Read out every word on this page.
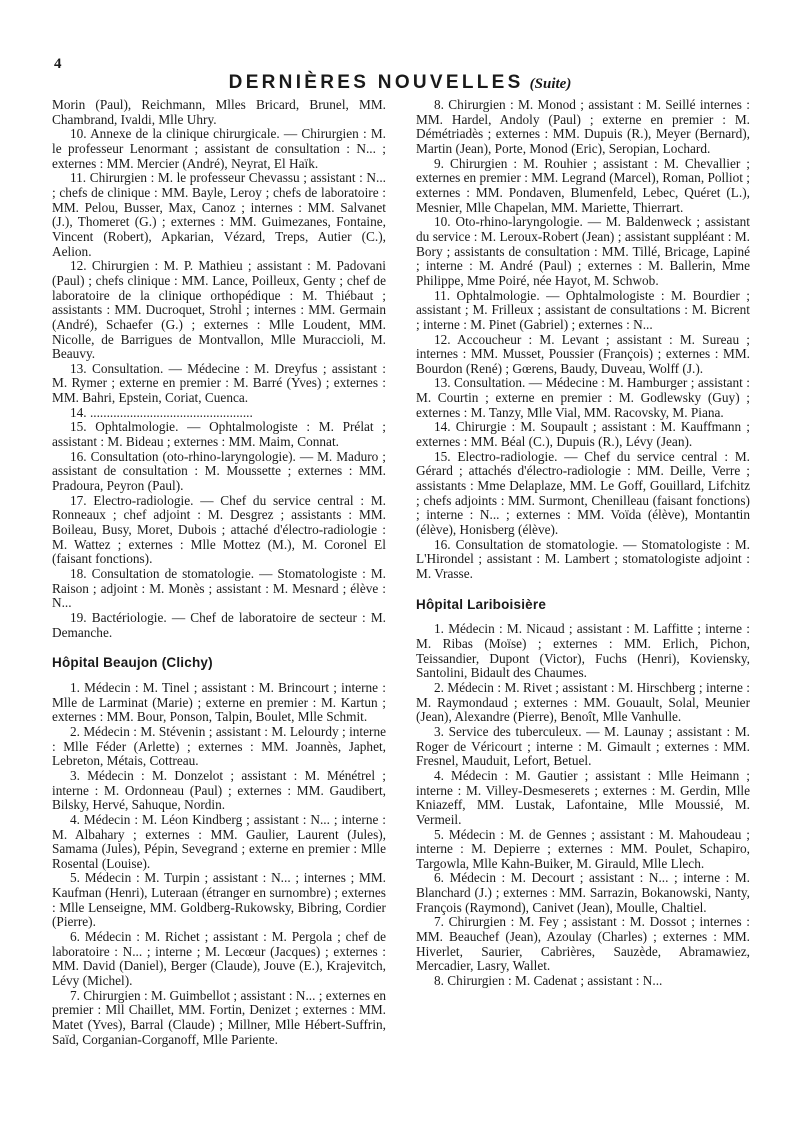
4
DERNIÈRES NOUVELLES (Suite)

Morin (Paul), Reichmann, Mlles Bricard, Brunel, MM. Chambrand, Ivaldi, Mlle Uhry.

10. Annexe de la clinique chirurgicale. — Chirurgien : M. le professeur Lenormant ; assistant de consultation : N... ; externes : MM. Mercier (André), Neyrat, El Haïk.

11. Chirurgien : M. le professeur Chevassu ; assistant : N... ; chefs de clinique : MM. Bayle, Leroy ; chefs de laboratoire : MM. Pelou, Busser, Max, Canoz ; internes : MM. Salvanet (J.), Thomeret (G.) ; externes : MM. Guimezanes, Fontaine, Vincent (Robert), Apkarian, Vézard, Treps, Autier (C.), Aelion.

12. Chirurgien : M. P. Mathieu ; assistant : M. Padovani (Paul) ; chefs clinique : MM. Lance, Poilleux, Genty ; chef de laboratoire de la clinique orthopédique : M. Thiébaut ; assistants : MM. Ducroquet, Strohl ; internes : MM. Germain (André), Schaefer (G.) ; externes : Mlle Loudent, MM. Nicolle, de Barrigues de Montvallon, Mlle Muraccioli, M. Beauvy.

13. Consultation. — Médecine : M. Dreyfus ; assistant : M. Rymer ; externe en premier : M. Barré (Yves) ; externes : MM. Bahri, Epstein, Coriat, Cuenca.

14. .................................................

15. Ophtalmologie. — Ophtalmologiste : M. Prélat ; assistant : M. Bideau ; externes : MM. Maim, Connat.

16. Consultation (oto-rhino-laryngologie). — M. Maduro ; assistant de consultation : M. Moussette ; externes : MM. Pradoura, Peyron (Paul).

17. Electro-radiologie. — Chef du service central : M. Ronneaux ; chef adjoint : M. Desgrez ; assistants : MM. Boileau, Busy, Moret, Dubois ; attaché d'électro-radiologie : M. Wattez ; externes : Mlle Mottez (M.), M. Coronel El (faisant fonctions).

18. Consultation de stomatologie. — Stomatologiste : M. Raison ; adjoint : M. Monès ; assistant : M. Mesnard ; élève : N...

19. Bactériologie. — Chef de laboratoire de secteur : M. Demanche.

Hôpital Beaujon (Clichy)

1. Médecin : M. Tinel ; assistant : M. Brincourt ; interne : Mlle de Larminat (Marie) ; externe en premier : M. Kartun ; externes : MM. Bour, Ponson, Talpin, Boulet, Mlle Schmit.

2. Médecin : M. Stévenin ; assistant : M. Lelourdy ; interne : Mlle Féder (Arlette) ; externes : MM. Joannès, Japhet, Lebreton, Métais, Cottreau.

3. Médecin : M. Donzelot ; assistant : M. Ménétrel ; interne : M. Ordonneau (Paul) ; externes : MM. Gaudibert, Bilsky, Hervé, Sahuque, Nordin.

4. Médecin : M. Léon Kindberg ; assistant : N... ; interne : M. Albahary ; externes : MM. Gaulier, Laurent (Jules), Samama (Jules), Pépin, Sevegrand ; externe en premier : Mlle Rosental (Louise).

5. Médecin : M. Turpin ; assistant : N... ; internes ; MM. Kaufman (Henri), Luteraan (étranger en surnombre) ; externes : Mlle Lenseigne, MM. Goldberg-Rukowsky, Bibring, Cordier (Pierre).

6. Médecin : M. Richet ; assistant : M. Pergola ; chef de laboratoire : N... ; interne ; M. Lecœur (Jacques) ; externes : MM. David (Daniel), Berger (Claude), Jouve (E.), Krajevitch, Lévy (Michel).

7. Chirurgien : M. Guimbellot ; assistant : N... ; externes en premier : Mll Chaillet, MM. Fortin, Denizet ; externes : MM. Matet (Yves), Barral (Claude) ; Millner, Mlle Hébert-Suffrin, Saïd, Corganian-Corganoff, Mlle Pariente.

8. Chirurgien : M. Monod ; assistant : M. Seillé internes : MM. Hardel, Andoly (Paul) ; externe en premier : M. Démétriadès ; externes : MM. Dupuis (R.), Meyer (Bernard), Martin (Jean), Porte, Monod (Eric), Seropian, Lochard.

9. Chirurgien : M. Rouhier ; assistant : M. Chevallier ; externes en premier : MM. Legrand (Marcel), Roman, Polliot ; externes : MM. Pondaven, Blumenfeld, Lebec, Quéret (L.), Mesnier, Mlle Chapelan, MM. Mariette, Thierrart.

10. Oto-rhino-laryngologie. — M. Baldenweck ; assistant du service : M. Leroux-Robert (Jean) ; assistant suppléant : M. Bory ; assistants de consultation : MM. Tillé, Bricage, Lapiné ; interne : M. André (Paul) ; externes : M. Ballerin, Mme Philippe, Mme Poiré, née Hayot, M. Schwob.

11. Ophtalmologie. — Ophtalmologiste : M. Bourdier ; assistant ; M. Frilleux ; assistant de consultations : M. Bicrent ; interne : M. Pinet (Gabriel) ; externes : N...

12. Accoucheur : M. Levant ; assistant : M. Sureau ; internes : MM. Musset, Poussier (François) ; externes : MM. Bourdon (René) ; Gœrens, Baudy, Duveau, Wolff (J.).

13. Consultation. — Médecine : M. Hamburger ; assistant : M. Courtin ; externe en premier : M. Godlewsky (Guy) ; externes : M. Tanzy, Mlle Vial, MM. Racovsky, M. Piana.

14. Chirurgie : M. Soupault ; assistant : M. Kauffmann ; externes : MM. Béal (C.), Dupuis (R.), Lévy (Jean).

15. Electro-radiologie. — Chef du service central : M. Gérard ; attachés d'électro-radiologie : MM. Deille, Verre ; assistants : Mme Delaplaze, MM. Le Goff, Gouillard, Lifchitz ; chefs adjoints : MM. Surmont, Chenilleau (faisant fonctions) ; interne : N... ; externes : MM. Voïda (élève), Montantin (élève), Honisberg (élève).

16. Consultation de stomatologie. — Stomatologiste : M. L'Hirondel ; assistant : M. Lambert ; stomatologiste adjoint : M. Vrasse.

Hôpital Lariboisière

1. Médecin : M. Nicaud ; assistant : M. Laffitte ; interne : M. Ribas (Moïse) ; externes : MM. Erlich, Pichon, Teissandier, Dupont (Victor), Fuchs (Henri), Koviensky, Santolini, Bidault des Chaumes.

2. Médecin : M. Rivet ; assistant : M. Hirschberg ; interne : M. Raymondaud ; externes : MM. Gouault, Solal, Meunier (Jean), Alexandre (Pierre), Benoît, Mlle Vanhulle.

3. Service des tuberculeux. — M. Launay ; assistant : M. Roger de Véricourt ; interne : M. Gimault ; externes : MM. Fresnel, Mauduit, Lefort, Betuel.

4. Médecin : M. Gautier ; assistant : Mlle Heimann ; interne : M. Villey-Desmeserets ; externes : M. Gerdin, Mlle Kniazeff, MM. Lustak, Lafontaine, Mlle Moussié, M. Vermeil.

5. Médecin : M. de Gennes ; assistant : M. Mahoudeau ; interne : M. Depierre ; externes : MM. Poulet, Schapiro, Targowla, Mlle Kahn-Buiker, M. Girauld, Mlle Llech.

6. Médecin : M. Decourt ; assistant : N... ; interne : M. Blanchard (J.) ; externes : MM. Sarrazin, Bokanowski, Nanty, François (Raymond), Canivet (Jean), Moulle, Chaltiel.

7. Chirurgien : M. Fey ; assistant : M. Dossot ; internes : MM. Beauchef (Jean), Azoulay (Charles) ; externes : MM. Hiverlet, Saurier, Cabrières, Sauzède, Abramawiez, Mercadier, Lasry, Wallet.

8. Chirurgien : M. Cadenat ; assistant : N...
